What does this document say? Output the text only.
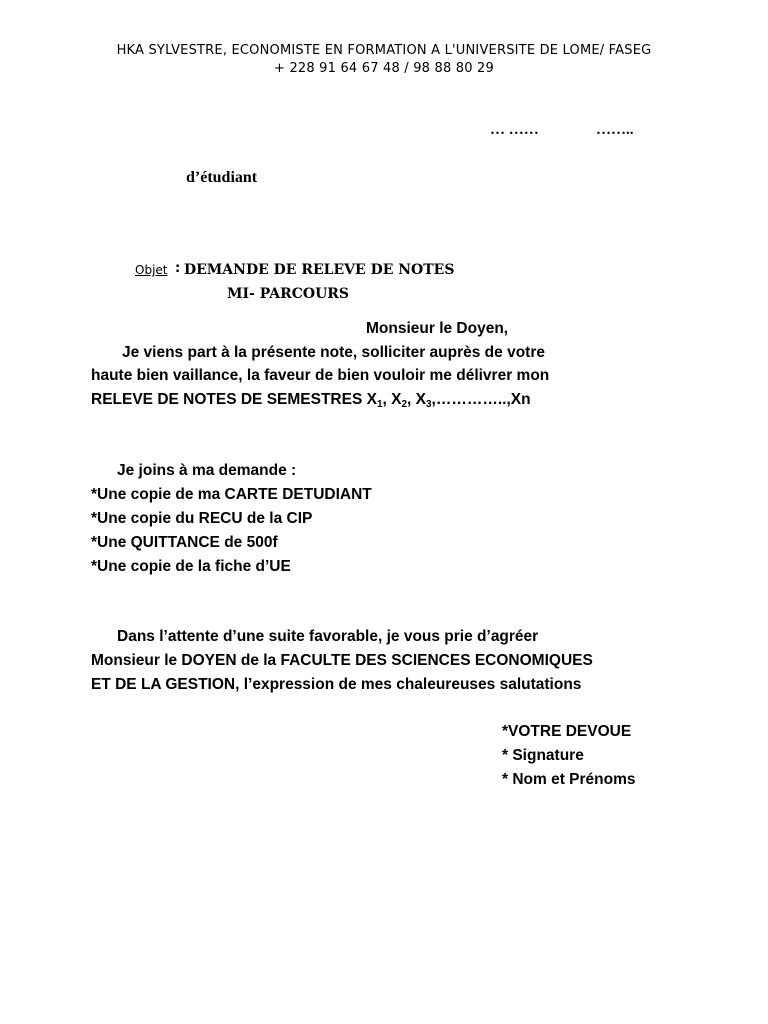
HKA SYLVESTRE, ECONOMISTE EN FORMATION A L'UNIVERSITE DE LOME/ FASEG
+ 228 91 64 67 48 / 98 88 80 29
… ……	……..
d’étudiant
Objet : DEMANDE DE RELEVE DE NOTES
MI- PARCOURS
Monsieur le Doyen,
Je viens part à la présente note, solliciter auprès de votre
haute bien vaillance, la faveur de bien vouloir me délivrer mon
RELEVE DE NOTES DE SEMESTRES $X_1$, $X_2$, $X_3,\dots\dots\dots\dots..,Xn$
Je joins à ma demande :
*Une copie de ma CARTE DETUDIANT
*Une copie du RECU de la CIP
*Une QUITTANCE de 500f
*Une copie de la fiche d’UE
Dans l’attente d’une suite favorable, je vous prie d’agréer
Monsieur le DOYEN de la FACULTE DES SCIENCES ECONOMIQUES
ET DE LA GESTION, l’expression de mes chaleureuses salutations
*VOTRE DEVOUE
* Signature
* Nom et Prénoms
